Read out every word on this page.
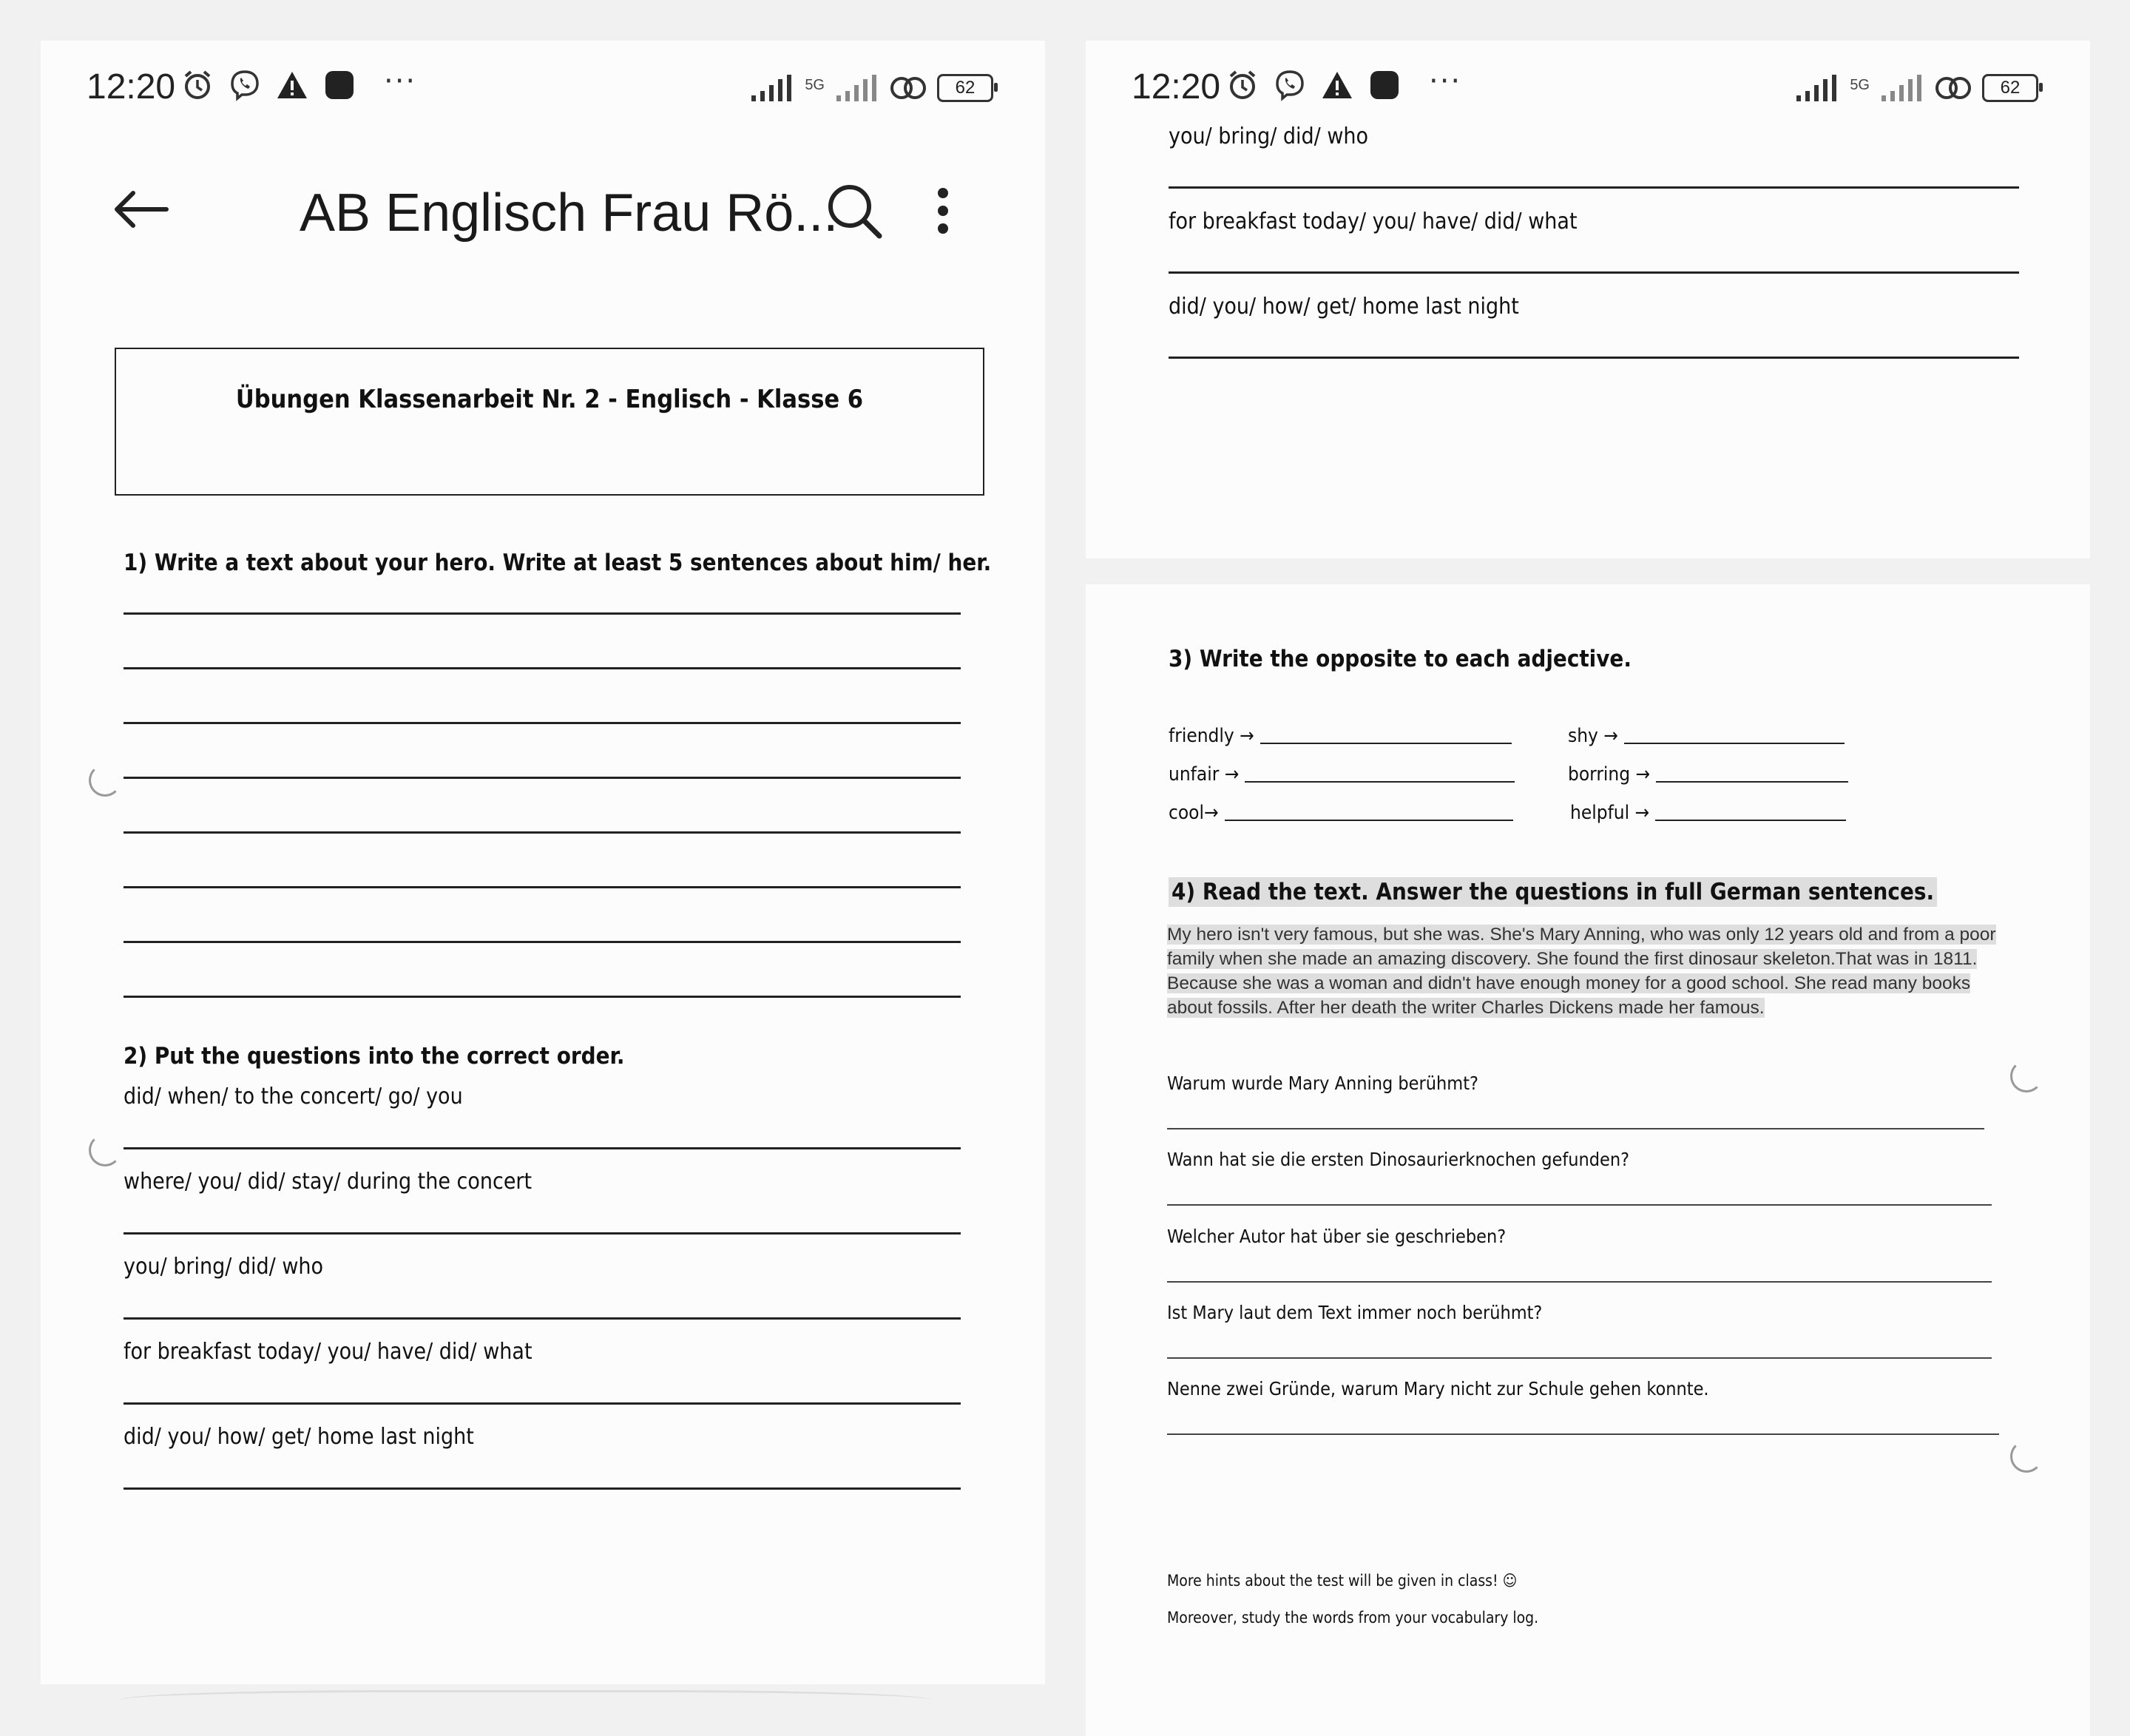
12:20	···	5G	62
AB Englisch Frau Rö...
Übungen Klassenarbeit Nr. 2 - Englisch - Klasse 6
1) Write a text about your hero. Write at least 5 sentences about him/ her.
2) Put the questions into the correct order.
did/ when/ to the concert/ go/ you
where/ you/ did/ stay/ during the concert
you/ bring/ did/ who
for breakfast today/ you/ have/ did/ what
did/ you/ how/ get/ home last night
12:20	···	5G	62
you/ bring/ did/ who
for breakfast today/ you/ have/ did/ what
did/ you/ how/ get/ home last night
3) Write the opposite to each adjective.
friendly →	shy →
unfair →	borring →
cool→	helpful →
4) Read the text. Answer the questions in full German sentences.
My hero isn't very famous, but she was. She's Mary Anning, who was only 12 years old and from a poor family when she made an amazing discovery. She found the first dinosaur skeleton.That was in 1811. Because she was a woman and didn't have enough money for a good school. She read many books about fossils. After her death the writer Charles Dickens made her famous.
Warum wurde Mary Anning berühmt?
Wann hat sie die ersten Dinosaurierknochen gefunden?
Welcher Autor hat über sie geschrieben?
Ist Mary laut dem Text immer noch berühmt?
Nenne zwei Gründe, warum Mary nicht zur Schule gehen konnte.
More hints about the test will be given in class! ☺
Moreover, study the words from your vocabulary log.
